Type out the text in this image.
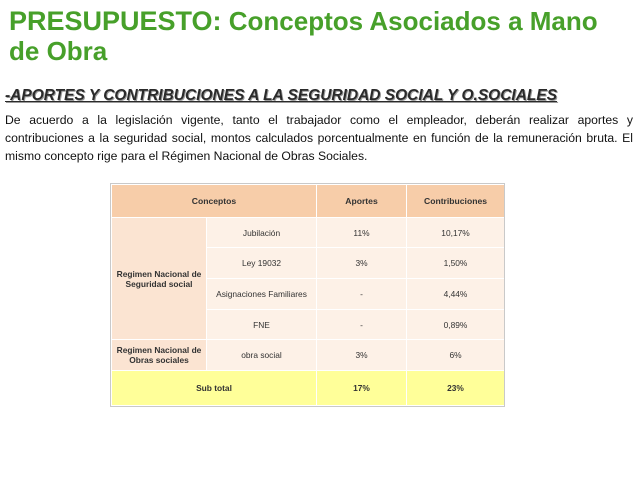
PRESUPUESTO: Conceptos Asociados a Mano
de Obra
-APORTES Y CONTRIBUCIONES A LA SEGURIDAD SOCIAL Y O.SOCIALES
De acuerdo a la legislación vigente, tanto el trabajador como el empleador, deberán realizar aportes y contribuciones a la seguridad social, montos calculados porcentualmente en función de la remuneración bruta. El mismo concepto rige para el Régimen Nacional de Obras Sociales.
Conceptos		Aportes	Contribuciones
Regimen Nacional de Seguridad social	Jubilación	11%	10,17%
	Ley 19032	3%	1,50%
	Asignaciones Familiares	-	4,44%
	FNE	-	0,89%
Regimen Nacional de Obras sociales	obra social	3%	6%
Sub total		17%	23%
